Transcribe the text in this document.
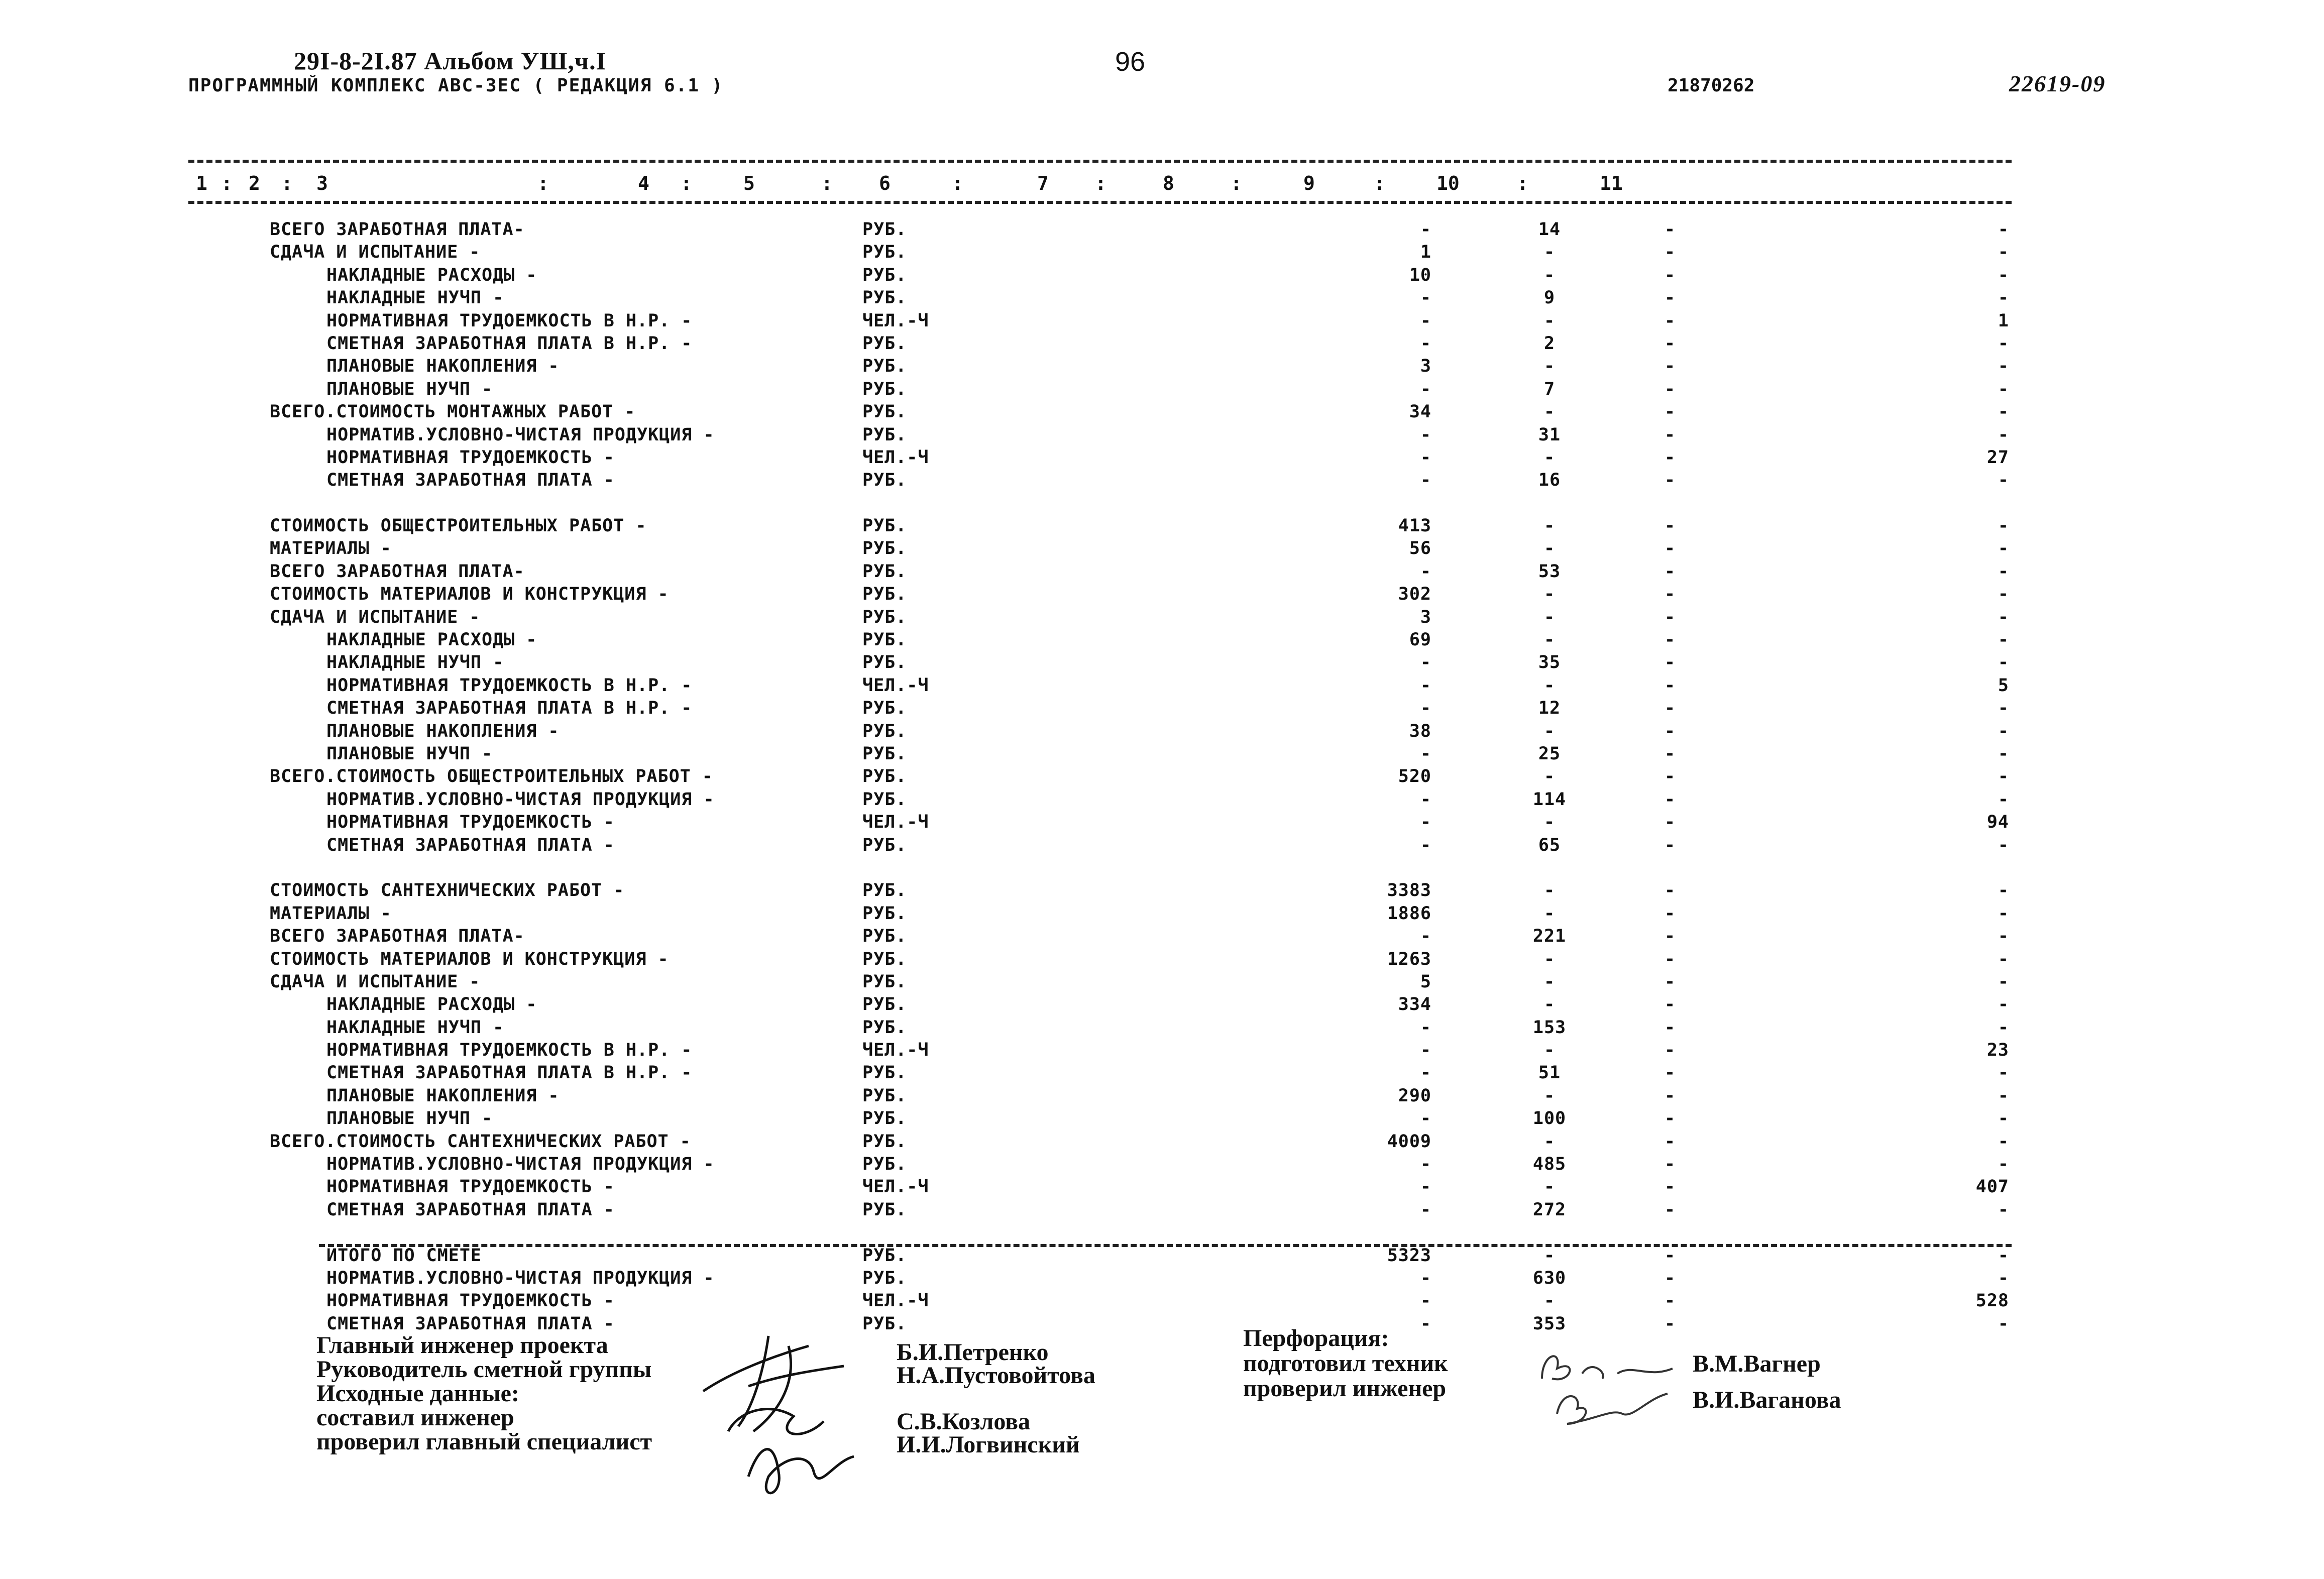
29I-8-2I.87 Альбом УШ,ч.I
ПРОГРАММНЫЙ КОМПЛЕКС АВС-ЗЕС ( РЕДАКЦИЯ 6.1 )
96
21870262	22619-09
1 2	3	4	5	6	7	8	9	10	11
:	:	:	:	:	:	:	:	:	:
ВСЕГО ЗАРАБОТНАЯ ПЛАТА-	РУБ.	-	14	-	-
СДАЧА И ИСПЫТАНИЕ -	РУБ.	1	-	-	-
НАКЛАДНЫЕ РАСХОДЫ -	РУБ.	10	-	-	-
НАКЛАДНЫЕ НУЧП -	РУБ.	-	9	-	-
НОРМАТИВНАЯ ТРУДОЕМКОСТЬ В Н.Р. -	ЧЕЛ.-Ч	-	-	-	1
СМЕТНАЯ ЗАРАБОТНАЯ ПЛАТА В Н.Р. -	РУБ.	-	2	-	-
ПЛАНОВЫЕ НАКОПЛЕНИЯ -	РУБ.	3	-	-	-
ПЛАНОВЫЕ НУЧП -	РУБ.	-	7	-	-
ВСЕГО.СТОИМОСТЬ МОНТАЖНЫХ РАБОТ -	РУБ.	34	-	-	-
НОРМАТИВ.УСЛОВНО-ЧИСТАЯ ПРОДУКЦИЯ -	РУБ.	-	31	-	-
НОРМАТИВНАЯ ТРУДОЕМКОСТЬ -	ЧЕЛ.-Ч	-	-	-	27
СМЕТНАЯ ЗАРАБОТНАЯ ПЛАТА -	РУБ.	-	16	-	-
СТОИМОСТЬ ОБЩЕСТРОИТЕЛЬНЫХ РАБОТ -	РУБ.	413	-	-	-
МАТЕРИАЛЫ -	РУБ.	56	-	-	-
ВСЕГО ЗАРАБОТНАЯ ПЛАТА-	РУБ.	-	53	-	-
СТОИМОСТЬ МАТЕРИАЛОВ И КОНСТРУКЦИЯ -	РУБ.	302	-	-	-
СДАЧА И ИСПЫТАНИЕ -	РУБ.	3	-	-	-
НАКЛАДНЫЕ РАСХОДЫ -	РУБ.	69	-	-	-
НАКЛАДНЫЕ НУЧП -	РУБ.	-	35	-	-
НОРМАТИВНАЯ ТРУДОЕМКОСТЬ В Н.Р. -	ЧЕЛ.-Ч	-	-	-	5
СМЕТНАЯ ЗАРАБОТНАЯ ПЛАТА В Н.Р. -	РУБ.	-	12	-	-
ПЛАНОВЫЕ НАКОПЛЕНИЯ -	РУБ.	38	-	-	-
ПЛАНОВЫЕ НУЧП -	РУБ.	-	25	-	-
ВСЕГО.СТОИМОСТЬ ОБЩЕСТРОИТЕЛЬНЫХ РАБОТ -	РУБ.	520	-	-	-
НОРМАТИВ.УСЛОВНО-ЧИСТАЯ ПРОДУКЦИЯ -	РУБ.	-	114	-	-
НОРМАТИВНАЯ ТРУДОЕМКОСТЬ -	ЧЕЛ.-Ч	-	-	-	94
СМЕТНАЯ ЗАРАБОТНАЯ ПЛАТА -	РУБ.	-	65	-	-
СТОИМОСТЬ САНТЕХНИЧЕСКИХ РАБОТ -	РУБ.	3383	-	-	-
МАТЕРИАЛЫ -	РУБ.	1886	-	-	-
ВСЕГО ЗАРАБОТНАЯ ПЛАТА-	РУБ.	-	221	-	-
СТОИМОСТЬ МАТЕРИАЛОВ И КОНСТРУКЦИЯ -	РУБ.	1263	-	-	-
СДАЧА И ИСПЫТАНИЕ -	РУБ.	5	-	-	-
НАКЛАДНЫЕ РАСХОДЫ -	РУБ.	334	-	-	-
НАКЛАДНЫЕ НУЧП -	РУБ.	-	153	-	-
НОРМАТИВНАЯ ТРУДОЕМКОСТЬ В Н.Р. -	ЧЕЛ.-Ч	-	-	-	23
СМЕТНАЯ ЗАРАБОТНАЯ ПЛАТА В Н.Р. -	РУБ.	-	51	-	-
ПЛАНОВЫЕ НАКОПЛЕНИЯ -	РУБ.	290	-	-	-
ПЛАНОВЫЕ НУЧП -	РУБ.	-	100	-	-
ВСЕГО.СТОИМОСТЬ САНТЕХНИЧЕСКИХ РАБОТ -	РУБ.	4009	-	-	-
НОРМАТИВ.УСЛОВНО-ЧИСТАЯ ПРОДУКЦИЯ -	РУБ.	-	485	-	-
НОРМАТИВНАЯ ТРУДОЕМКОСТЬ -	ЧЕЛ.-Ч	-	-	-	407
СМЕТНАЯ ЗАРАБОТНАЯ ПЛАТА -	РУБ.	-	272	-	-
ИТОГО ПО СМЕТЕ	РУБ.	5323	-	-	-
НОРМАТИВ.УСЛОВНО-ЧИСТАЯ ПРОДУКЦИЯ -	РУБ.	-	630	-	-
НОРМАТИВНАЯ ТРУДОЕМКОСТЬ -	ЧЕЛ.-Ч	-	-	-	528
СМЕТНАЯ ЗАРАБОТНАЯ ПЛАТА -	РУБ.	-	353	-	-
Главный инженер проекта
Руководитель сметной группы
Исходные данные:
составил инженер
проверил главный специалист
Б.И.Петренко
Н.А.Пустовойтова
С.В.Козлова
И.И.Логвинский
Перфорация:
подготовил техник
проверил инженер
В.М.Вагнер
В.И.Ваганова
